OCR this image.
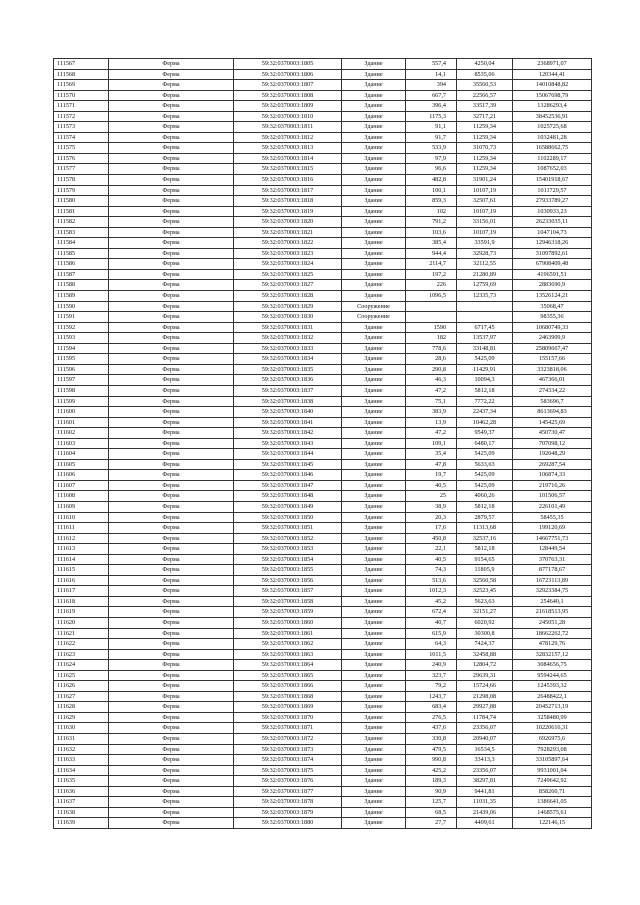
111567	Ферма	59:32:0370003:1805	Здание	557,4	4250,04	2368971,07
111568	Ферма	59:32:0370003:1806	Здание	14,1	8535,06	120344,41
111569	Ферма	59:32:0370003:1807	Здание	394	35560,53	14010848,82
111570	Ферма	59:32:0370003:1808	Здание	667,7	22566,57	15067698,79
111571	Ферма	59:32:0370003:1809	Здание	396,4	33517,39	13286293,4
111572	Ферма	59:32:0370003:1810	Здание	1175,3	32717,21	38452536,91
111573	Ферма	59:32:0370003:1811	Здание	91,1	11259,34	1025725,68
111574	Ферма	59:32:0370003:1812	Здание	91,7	11259,34	1032481,28
111575	Ферма	59:32:0370003:1813	Здание	533,9	31070,73	16588662,75
111576	Ферма	59:32:0370003:1814	Здание	97,9	11259,34	1102289,17
111577	Ферма	59:32:0370003:1815	Здание	96,6	11259,34	1087652,03
111578	Ферма	59:32:0370003:1816	Здание	482,8	31901,24	15401918,67
111579	Ферма	59:32:0370003:1817	Здание	100,1	10107,19	1011729,57
111580	Ферма	59:32:0370003:1818	Здание	859,3	32507,61	27933789,27
111581	Ферма	59:32:0370003:1819	Здание	102	10107,19	1030933,23
111582	Ферма	59:32:0370003:1820	Здание	791,2	33156,01	26233035,11
111583	Ферма	59:32:0370003:1821	Здание	103,6	10107,19	1047104,73
111584	Ферма	59:32:0370003:1822	Здание	385,4	33591,9	12946318,26
111585	Ферма	59:32:0370003:1823	Здание	944,4	32928,73	31097892,61
111586	Ферма	59:32:0370003:1824	Здание	2114,7	32112,55	67908409,48
111587	Ферма	59:32:0370003:1825	Здание	197,2	21280,89	4196591,51
111588	Ферма	59:32:0370003:1827	Здание	226	12759,69	2883690,9
111589	Ферма	59:32:0370003:1828	Здание	1096,5	12335,73	13526124,21
111590	Ферма	59:32:0370003:1829	Сооружение			35068,47
111591	Ферма	59:32:0370003:1830	Сооружение			98355,36
111592	Ферма	59:32:0370003:1831	Здание	1590	6717,45	10680749,33
111593	Ферма	59:32:0370003:1832	Здание	182	13537,97	2463909,9
111594	Ферма	59:32:0370003:1833	Здание	778,6	33148,81	25809667,47
111595	Ферма	59:32:0370003:1834	Здание	28,6	5425,09	155157,66
111596	Ферма	59:32:0370003:1835	Здание	290,8	11429,91	3323818,06
111597	Ферма	59:32:0370003:1836	Здание	46,3	10094,3	467366,01
111598	Ферма	59:32:0370003:1837	Здание	47,2	5812,18	274334,22
111599	Ферма	59:32:0370003:1838	Здание	75,1	7772,22	583696,7
111600	Ферма	59:32:0370003:1840	Здание	383,9	22437,34	8613694,83
111601	Ферма	59:32:0370003:1841	Здание	13,9	10462,28	145425,69
111602	Ферма	59:32:0370003:1842	Здание	47,2	9549,37	450730,47
111603	Ферма	59:32:0370003:1843	Здание	109,1	6480,17	707098,12
111604	Ферма	59:32:0370003:1844	Здание	35,4	5425,09	192048,29
111605	Ферма	59:32:0370003:1845	Здание	47,8	5633,63	269287,54
111606	Ферма	59:32:0370003:1846	Здание	19,7	5425,09	106874,33
111607	Ферма	59:32:0370003:1847	Здание	40,5	5425,09	219716,26
111608	Ферма	59:32:0370003:1848	Здание	25	4060,26	101506,57
111609	Ферма	59:32:0370003:1849	Здание	38,9	5812,18	226101,49
111610	Ферма	59:32:0370003:1850	Здание	20,3	2879,57	58455,35
111611	Ферма	59:32:0370003:1851	Здание	17,6	11313,68	199120,69
111612	Ферма	59:32:0370003:1852	Здание	450,8	32537,16	14667751,73
111613	Ферма	59:32:0370003:1853	Здание	22,1	5812,18	128449,54
111614	Ферма	59:32:0370003:1854	Здание	40,5	9154,65	370763,31
111615	Ферма	59:32:0370003:1855	Здание	74,3	11805,9	877178,67
111616	Ферма	59:32:0370003:1856	Здание	513,6	32560,58	16723113,89
111617	Ферма	59:32:0370003:1857	Здание	1012,3	32523,45	32923384,75
111618	Ферма	59:32:0370003:1858	Здание	45,2	5623,63	254640,1
111619	Ферма	59:32:0370003:1859	Здание	672,4	32151,27	21618513,95
111620	Ферма	59:32:0370003:1860	Здание	40,7	6020,92	245051,28
111621	Ферма	59:32:0370003:1861	Здание	615,9	30300,8	18662262,72
111622	Ферма	59:32:0370003:1862	Здание	64,3	7424,37	478129,76
111623	Ферма	59:32:0370003:1863	Здание	1011,5	32458,88	32832157,12
111624	Ферма	59:32:0370003:1864	Здание	240,9	12804,72	3084656,75
111625	Ферма	59:32:0370003:1865	Здание	323,7	29639,31	9594244,65
111626	Ферма	59:32:0370003:1866	Здание	79,2	15724,66	1245393,32
111627	Ферма	59:32:0370003:1868	Здание	1243,7	21298,08	26488422,1
111628	Ферма	59:32:0370003:1869	Здание	683,4	29927,88	20452713,19
111629	Ферма	59:32:0370003:1870	Здание	276,5	11784,74	3258480,99
111630	Ферма	59:32:0370003:1871	Здание	437,6	23356,07	10220616,31
111631	Ферма	59:32:0370003:1872	Здание	330,8	20940,07	6926975,6
111632	Ферма	59:32:0370003:1873	Здание	479,5	16534,5	7928293,08
111633	Ферма	59:32:0370003:1874	Здание	990,8	33413,3	33105897,64
111634	Ферма	59:32:0370003:1875	Здание	425,2	23356,07	9931001,04
111635	Ферма	59:32:0370003:1876	Здание	189,3	38297,81	7249642,92
111636	Ферма	59:32:0370003:1877	Здание	90,9	9441,81	858260,71
111637	Ферма	59:32:0370003:1878	Здание	125,7	11031,35	1386641,05
111638	Ферма	59:32:0370003:1879	Здание	68,5	21439,06	1468575,61
111639	Ферма	59:32:0370003:1880	Здание	27,7	4409,61	122146,15
